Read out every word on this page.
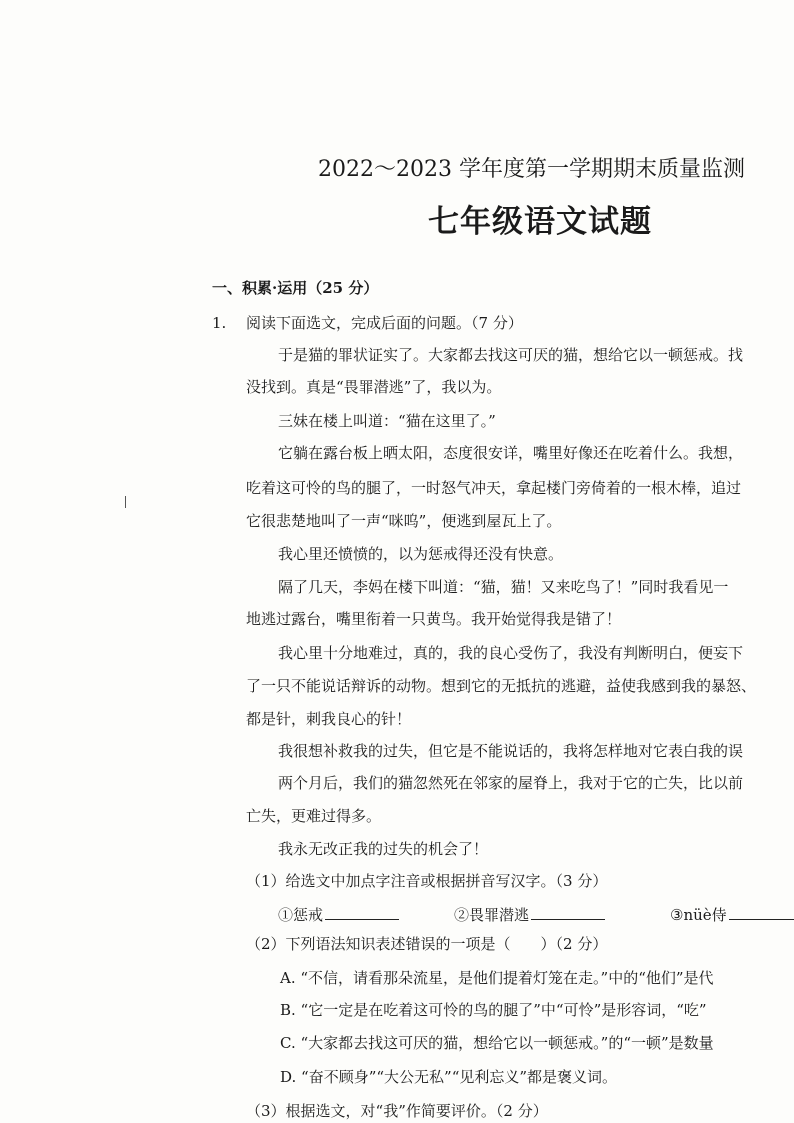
2022～2023 学年度第一学期期末质量监测
七年级语文试题
一、积累·运用（25 分）
1. 阅读下面选文，完成后面的问题。（7 分）
于是猫的罪状证实了。大家都去找这可厌的猫，想给它以一顿惩戒。找
没找到。真是“畏罪潜逃”了，我以为。
三妹在楼上叫道：“猫在这里了。”
它躺在露台板上晒太阳，态度很安详，嘴里好像还在吃着什么。我想，
吃着这可怜的鸟的腿了，一时怒气冲天，拿起楼门旁倚着的一根木棒，追过
它很悲楚地叫了一声“咪呜”，便逃到屋瓦上了。
我心里还愤愤的，以为惩戒得还没有快意。
隔了几天，李妈在楼下叫道：“猫，猫！又来吃鸟了！”同时我看见一
地逃过露台，嘴里衔着一只黄鸟。我开始觉得我是错了！
我心里十分地难过，真的，我的良心受伤了，我没有判断明白，便妄下
了一只不能说话辩诉的动物。想到它的无抵抗的逃避，益使我感到我的暴怒、
都是针，刺我良心的针！
我很想补救我的过失，但它是不能说话的，我将怎样地对它表白我的误
两个月后，我们的猫忽然死在邻家的屋脊上，我对于它的亡失，比以前
亡失，更难过得多。
我永无改正我的过失的机会了！
（1）给选文中加点字注音或根据拼音写汉字。（3 分）
①惩戒	②畏罪潜逃	③nüè侍
（2）下列语法知识表述错误的一项是（　　）（2 分）
A. “不信，请看那朵流星，是他们提着灯笼在走。”中的“他们”是代
B. “它一定是在吃着这可怜的鸟的腿了”中“可怜”是形容词，“吃”
C. “大家都去找这可厌的猫，想给它以一顿惩戒。”的“一顿”是数量
D. “奋不顾身”“大公无私”“见利忘义”都是褒义词。
（3）根据选文，对“我”作简要评价。（2 分）
